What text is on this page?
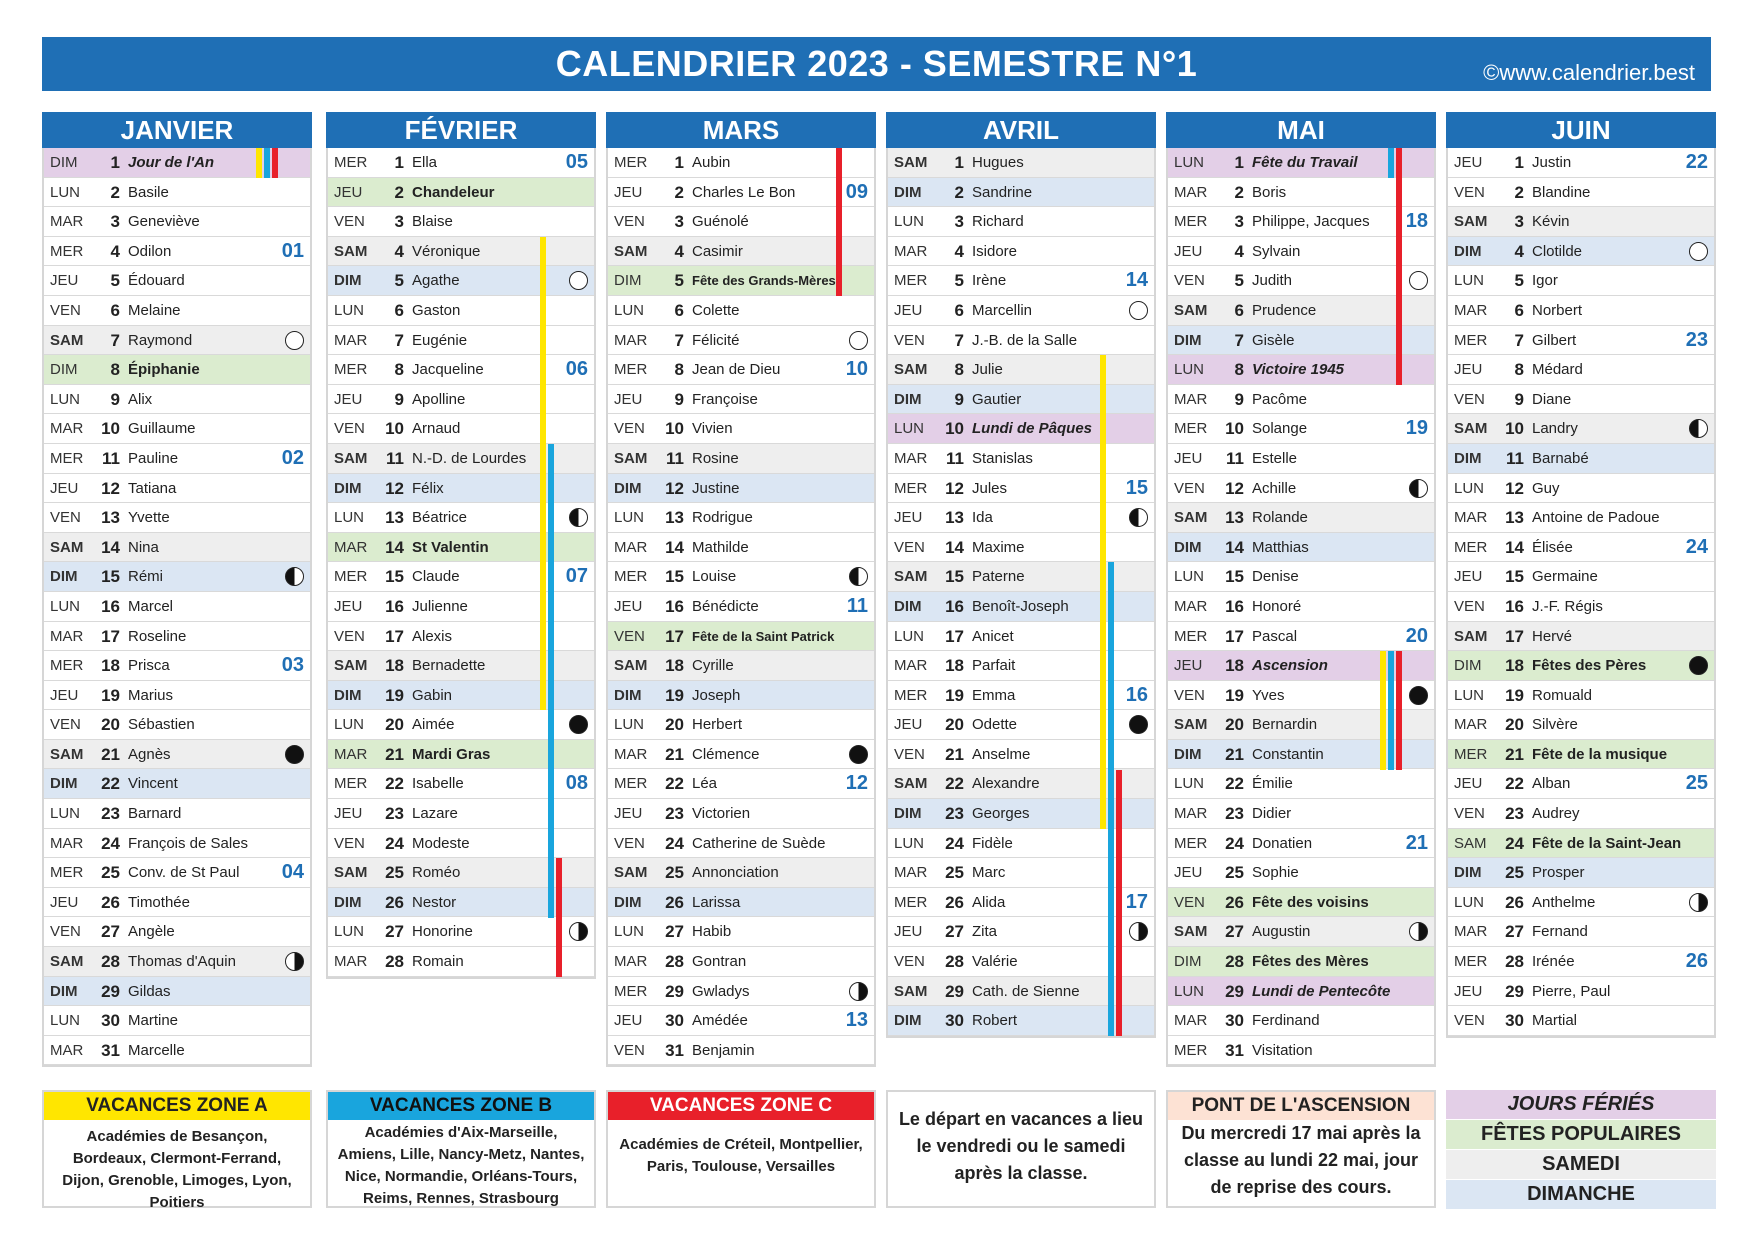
CALENDRIER 2023 - SEMESTRE N°1	©www.calendrier.best
JANVIER
DIM	1 Jour de l'An
LUN	2 Basile
MAR	3 Geneviève
MER	4 Odilon	01
JEU	5 Édouard
VEN	6 Melaine
SAM	7 Raymond
DIM	8 Épiphanie
LUN	9 Alix
MAR	10 Guillaume
MER	11 Pauline	02
JEU	12 Tatiana
VEN	13 Yvette
SAM	14 Nina
DIM	15 Rémi
LUN	16 Marcel
MAR	17 Roseline
MER	18 Prisca	03
JEU	19 Marius
VEN	20 Sébastien
SAM	21 Agnès
DIM	22 Vincent
LUN	23 Barnard
MAR	24 François de Sales
MER	25 Conv. de St Paul 04
JEU	26 Timothée
VEN	27 Angèle
SAM	28 Thomas d'Aquin
DIM	29 Gildas
LUN	30 Martine
MAR	31 Marcelle
FÉVRIER
MER	1 Ella	05
JEU	2 Chandeleur
VEN	3 Blaise
SAM	4 Véronique
DIM	5 Agathe
LUN	6 Gaston
MAR	7 Eugénie
MER	8 Jacqueline	06
JEU	9 Apolline
VEN	10 Arnaud
SAM	11 N.-D. de Lourdes
DIM	12 Félix
LUN	13 Béatrice
MAR	14 St Valentin
MER	15 Claude	07
JEU	16 Julienne
VEN	17 Alexis
SAM	18 Bernadette
DIM	19 Gabin
LUN	20 Aimée
MAR	21 Mardi Gras
MER	22 Isabelle	08
JEU	23 Lazare
VEN	24 Modeste
SAM	25 Roméo
DIM	26 Nestor
LUN	27 Honorine
MAR	28 Romain
MARS
MER	1 Aubin
JEU	2 Charles Le Bon	09
VEN	3 Guénolé
SAM	4 Casimir
DIM	5 Fête des Grands-Mères
LUN	6 Colette
MAR	7 Félicité
MER	8 Jean de Dieu	10
JEU	9 Françoise
VEN	10 Vivien
SAM	11 Rosine
DIM	12 Justine
LUN	13 Rodrigue
MAR	14 Mathilde
MER	15 Louise
JEU	16 Bénédicte	11
VEN	17 Fête de la Saint Patrick
SAM	18 Cyrille
DIM	19 Joseph
LUN	20 Herbert
MAR	21 Clémence
MER	22 Léa	12
JEU	23 Victorien
VEN	24 Catherine de Suède
SAM	25 Annonciation
DIM	26 Larissa
LUN	27 Habib
MAR	28 Gontran
MER	29 Gwladys
JEU	30 Amédée	13
VEN	31 Benjamin
AVRIL
SAM	1 Hugues
DIM	2 Sandrine
LUN	3 Richard
MAR	4 Isidore
MER	5 Irène	14
JEU	6 Marcellin
VEN	7 J.-B. de la Salle
SAM	8 Julie
DIM	9 Gautier
LUN	10 Lundi de Pâques
MAR	11 Stanislas
MER	12 Jules	15
JEU	13 Ida
VEN	14 Maxime
SAM	15 Paterne
DIM	16 Benoît-Joseph
LUN	17 Anicet
MAR	18 Parfait
MER	19 Emma	16
JEU	20 Odette
VEN	21 Anselme
SAM	22 Alexandre
DIM	23 Georges
LUN	24 Fidèle
MAR	25 Marc
MER	26 Alida	17
JEU	27 Zita
VEN	28 Valérie
SAM	29 Cath. de Sienne
DIM	30 Robert
MAI
LUN	1 Fête du Travail
MAR	2 Boris
MER	3 Philippe, Jacques 18
JEU	4 Sylvain
VEN	5 Judith
SAM	6 Prudence
DIM	7 Gisèle
LUN	8 Victoire 1945
MAR	9 Pacôme
MER	10 Solange	19
JEU	11 Estelle
VEN	12 Achille
SAM	13 Rolande
DIM	14 Matthias
LUN	15 Denise
MAR	16 Honoré
MER	17 Pascal	20
JEU	18 Ascension
VEN	19 Yves
SAM	20 Bernardin
DIM	21 Constantin
LUN	22 Émilie
MAR	23 Didier
MER	24 Donatien	21
JEU	25 Sophie
VEN	26 Fête des voisins
SAM	27 Augustin
DIM	28 Fêtes des Mères
LUN	29 Lundi de Pentecôte
MAR	30 Ferdinand
MER	31 Visitation
JUIN
JEU	1 Justin	22
VEN	2 Blandine
SAM	3 Kévin
DIM	4 Clotilde
LUN	5 Igor
MAR	6 Norbert
MER	7 Gilbert	23
JEU	8 Médard
VEN	9 Diane
SAM	10 Landry
DIM	11 Barnabé
LUN	12 Guy
MAR	13 Antoine de Padoue
MER	14 Élisée	24
JEU	15 Germaine
VEN	16 J.-F. Régis
SAM	17 Hervé
DIM	18 Fêtes des Pères
LUN	19 Romuald
MAR	20 Silvère
MER	21 Fête de la musique
JEU	22 Alban	25
VEN	23 Audrey
SAM	24 Fête de la Saint-Jean
DIM	25 Prosper
LUN	26 Anthelme
MAR	27 Fernand
MER	28 Irénée	26
JEU	29 Pierre, Paul
VEN	30 Martial
VACANCES ZONE A
Académies de Besançon, Bordeaux, Clermont-Ferrand, Dijon, Grenoble, Limoges, Lyon, Poitiers
VACANCES ZONE B
Académies d'Aix-Marseille, Amiens, Lille, Nancy-Metz, Nantes, Nice, Normandie, Orléans-Tours, Reims, Rennes, Strasbourg
VACANCES ZONE C
Académies de Créteil, Montpellier, Paris, Toulouse, Versailles
Le départ en vacances a lieu le vendredi ou le samedi après la classe.
PONT DE L'ASCENSION
Du mercredi 17 mai après la classe au lundi 22 mai, jour de reprise des cours.
JOURS FÉRIÉS
FÊTES POPULAIRES
SAMEDI
DIMANCHE
